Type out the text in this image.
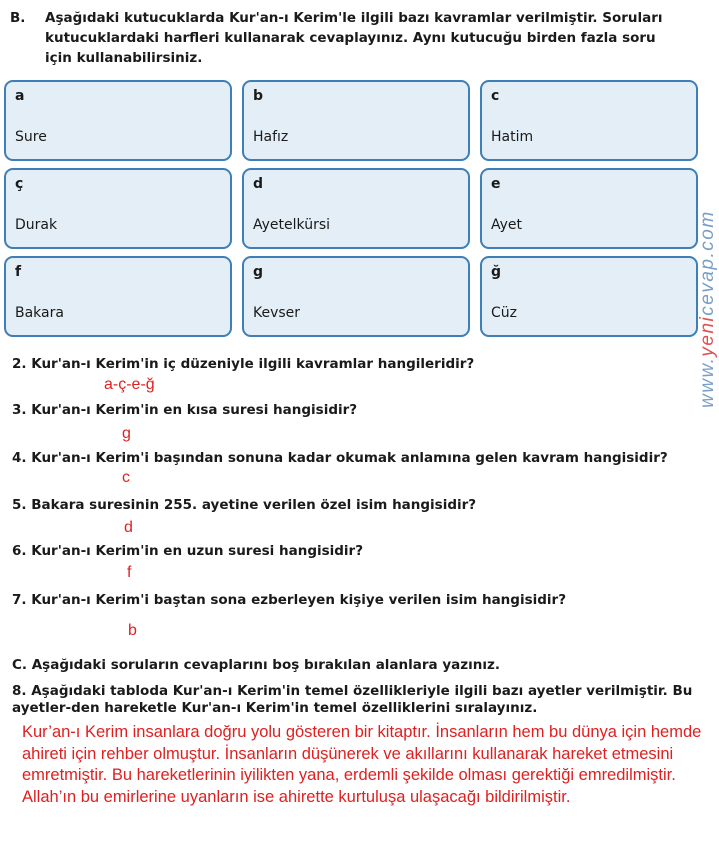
B. Aşağıdaki kutucuklarda Kur'an-ı Kerim'le ilgili bazı kavramlar verilmiştir. Soruları kutucuklardaki harfleri kullanarak cevaplayınız. Aynı kutucuğu birden fazla soru için kullanabilirsiniz.
a
Sure
b
Hafız
c
Hatim
ç
Durak
d
Ayetelkürsi
e
Ayet
f
Bakara
g
Kevser
ğ
Cüz
2. Kur'an-ı Kerim'in iç düzeniyle ilgili kavramlar hangileridir?
a-ç-e-ğ
3. Kur'an-ı Kerim'in en kısa suresi hangisidir?
g
4. Kur'an-ı Kerim'i başından sonuna kadar okumak anlamına gelen kavram hangisidir?
c
5. Bakara suresinin 255. ayetine verilen özel isim hangisidir?
d
6. Kur'an-ı Kerim'in en uzun suresi hangisidir?
f
7. Kur'an-ı Kerim'i baştan sona ezberleyen kişiye verilen isim hangisidir?
b
C. Aşağıdaki soruların cevaplarını boş bırakılan alanlara yazınız.
8. Aşağıdaki tabloda Kur'an-ı Kerim'in temel özellikleriyle ilgili bazı ayetler verilmiştir. Bu ayetler-den hareketle Kur'an-ı Kerim'in temel özelliklerini sıralayınız.
Kur’an-ı Kerim insanlara doğru yolu gösteren bir kitaptır. İnsanların hem bu dünya için hemde ahireti için rehber olmuştur. İnsanların düşünerek ve akıllarını kullanarak hareket etmesini emretmiştir. Bu hareketlerinin iyilikten yana, erdemli şekilde olması gerektiği emredilmiştir. Allah’ın bu emirlerine uyanların ise ahirette kurtuluşa ulaşacağı bildirilmiştir.
www.yenicevap.com
